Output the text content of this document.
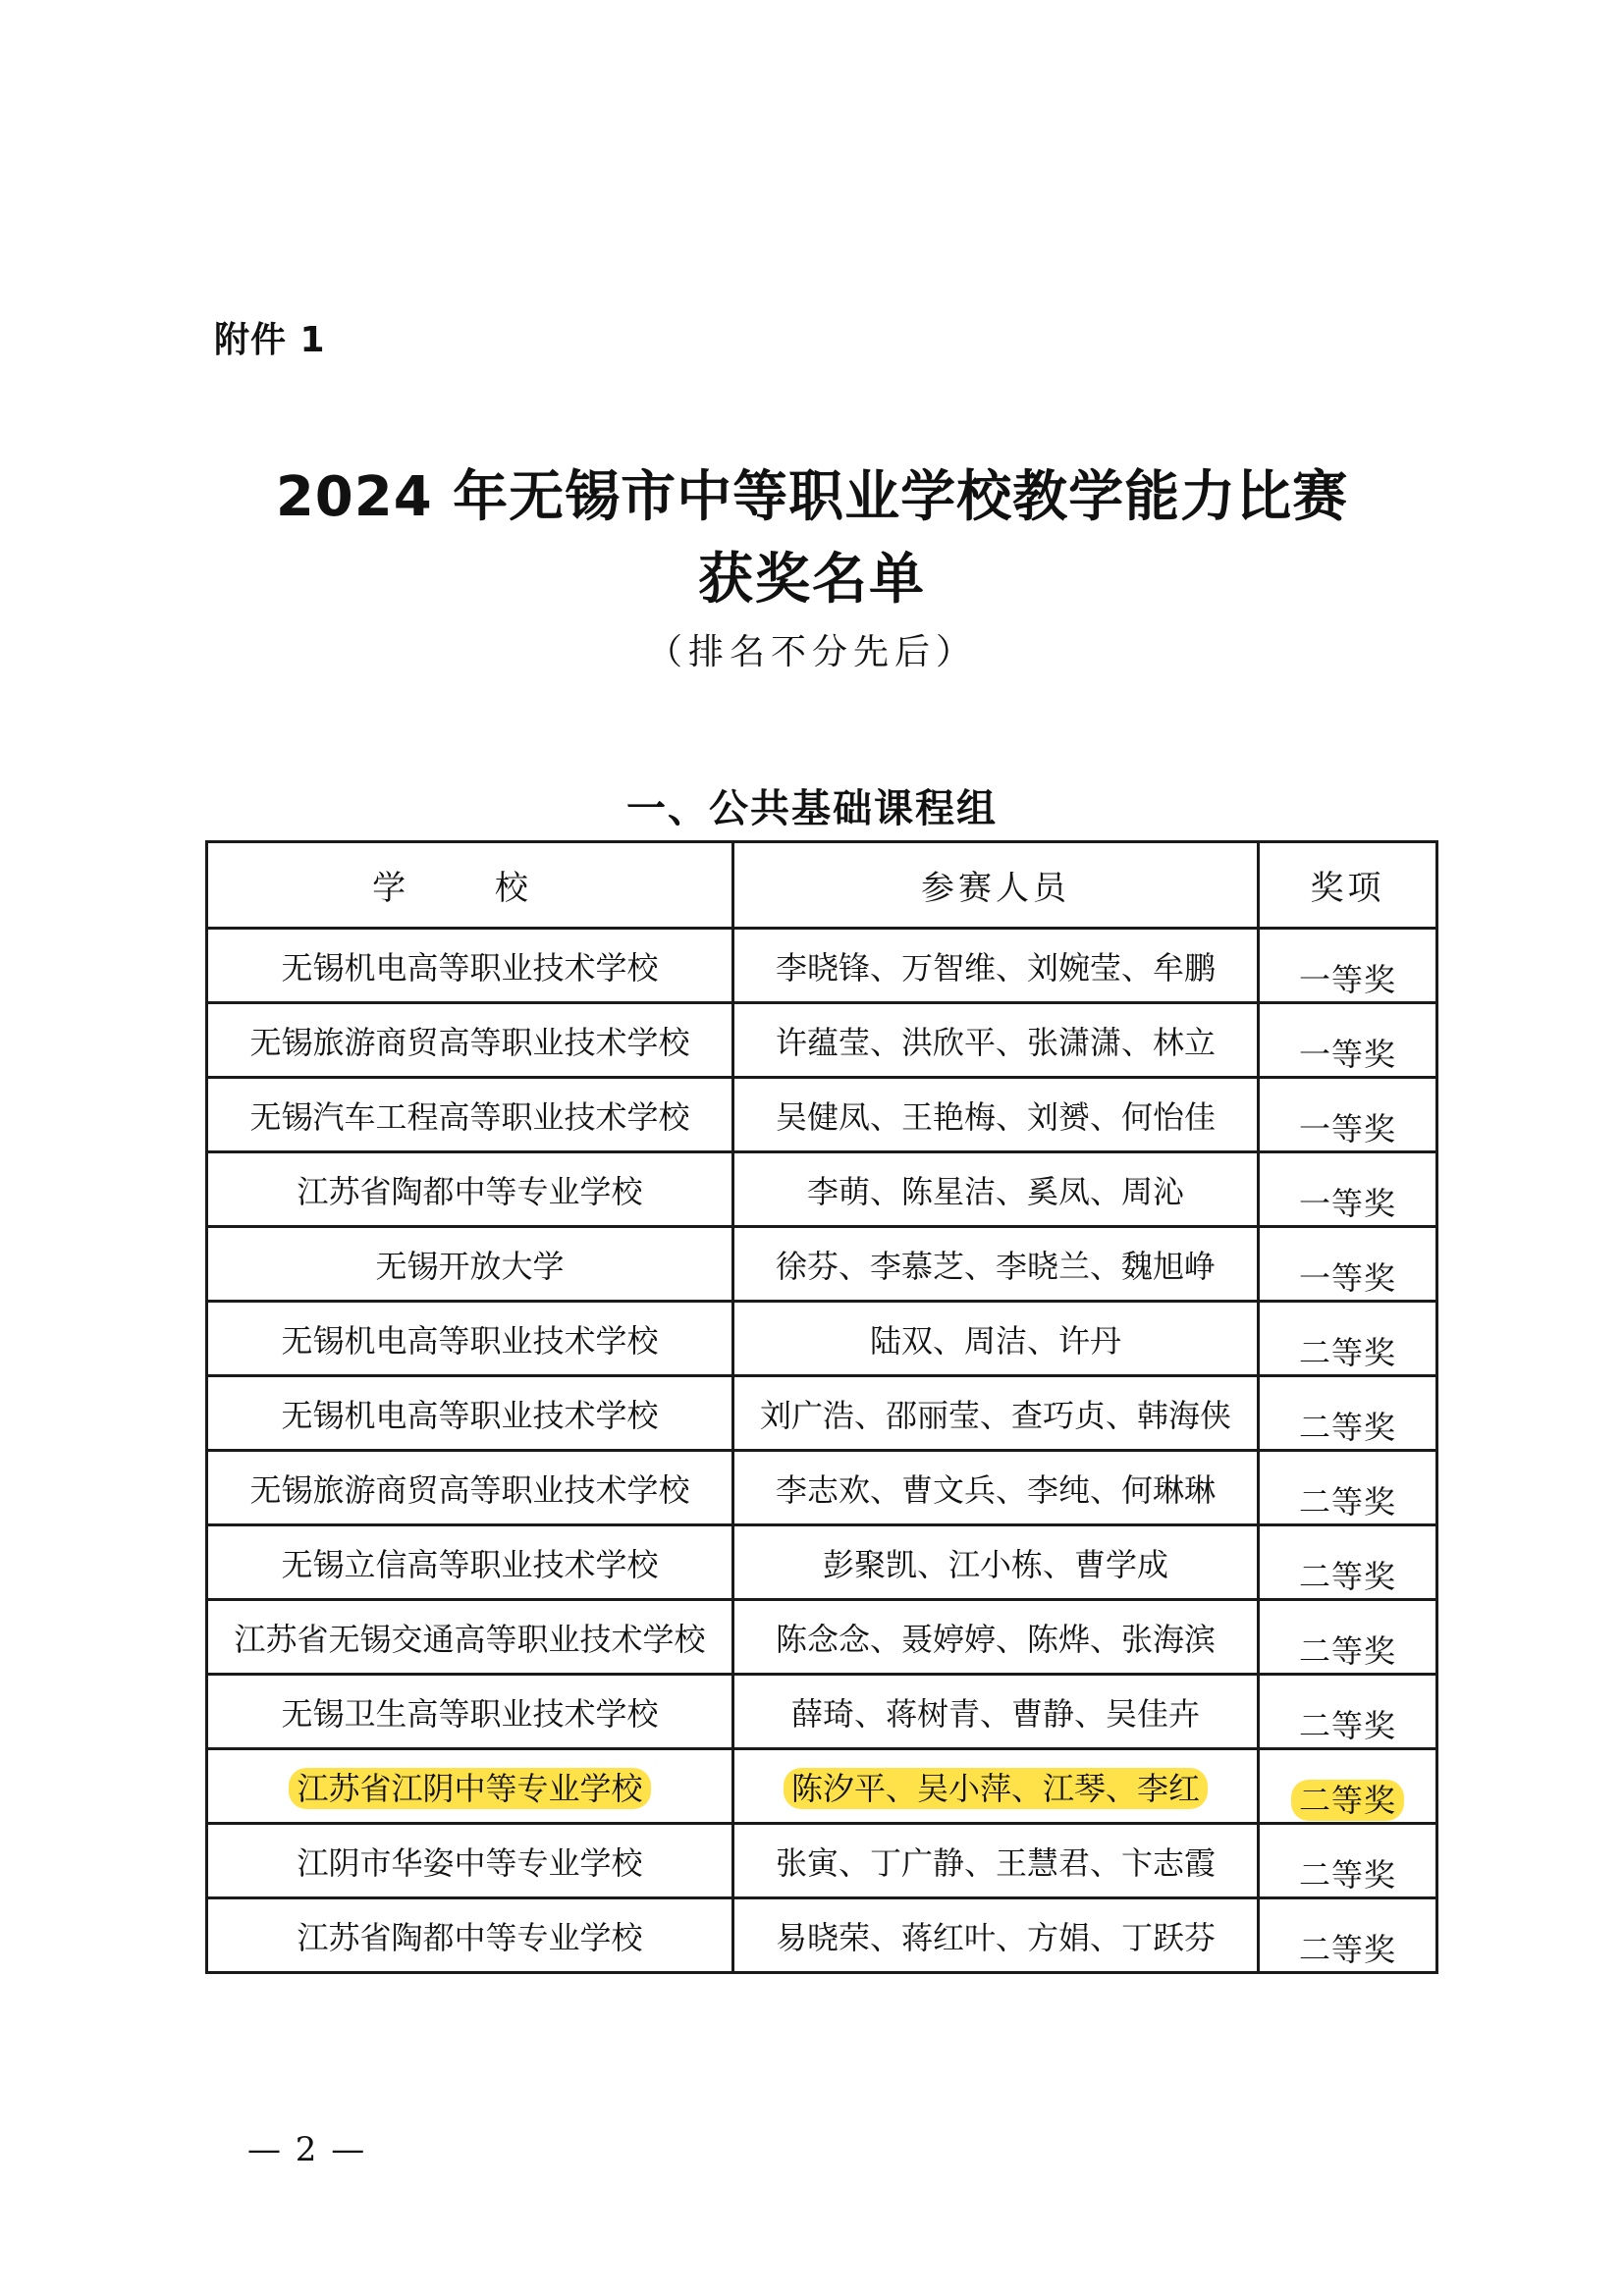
附件 1
2024 年无锡市中等职业学校教学能力比赛
获奖名单
（排名不分先后）
一、公共基础课程组
学 校	参赛人员	奖项
无锡机电高等职业技术学校	李晓锋、万智维、刘婉莹、牟鹏	一等奖
无锡旅游商贸高等职业技术学校	许蕴莹、洪欣平、张潇潇、林立	一等奖
无锡汽车工程高等职业技术学校	吴健凤、王艳梅、刘赟、何怡佳	一等奖
江苏省陶都中等专业学校	李萌、陈星洁、奚凤、周沁	一等奖
无锡开放大学	徐芬、李慕芝、李晓兰、魏旭峥	一等奖
无锡机电高等职业技术学校	陆双、周洁、许丹	二等奖
无锡机电高等职业技术学校	刘广浩、邵丽莹、查巧贞、韩海侠	二等奖
无锡旅游商贸高等职业技术学校	李志欢、曹文兵、李纯、何琳琳	二等奖
无锡立信高等职业技术学校	彭聚凯、江小栋、曹学成	二等奖
江苏省无锡交通高等职业技术学校	陈念念、聂婷婷、陈烨、张海滨	二等奖
无锡卫生高等职业技术学校	薛琦、蒋树青、曹静、吴佳卉	二等奖
江苏省江阴中等专业学校	陈汐平、吴小萍、江琴、李红	二等奖
江阴市华姿中等专业学校	张寅、丁广静、王慧君、卞志霞	二等奖
江苏省陶都中等专业学校	易晓荣、蒋红叶、方娟、丁跃芬	二等奖
— 2 —
